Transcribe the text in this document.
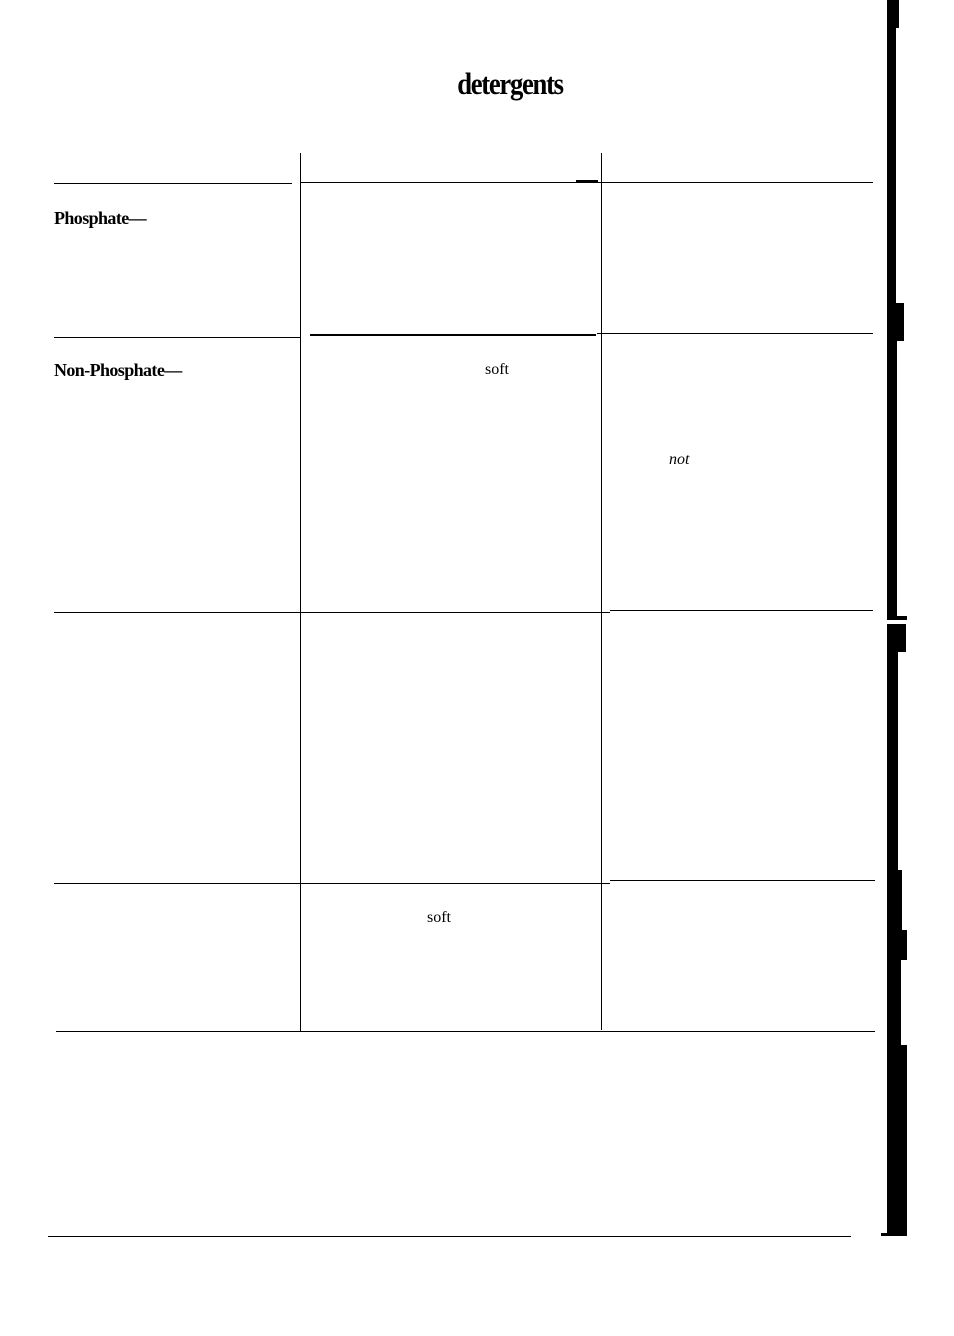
detergents
Phosphate—
Non-Phosphate—	soft
not
soft
